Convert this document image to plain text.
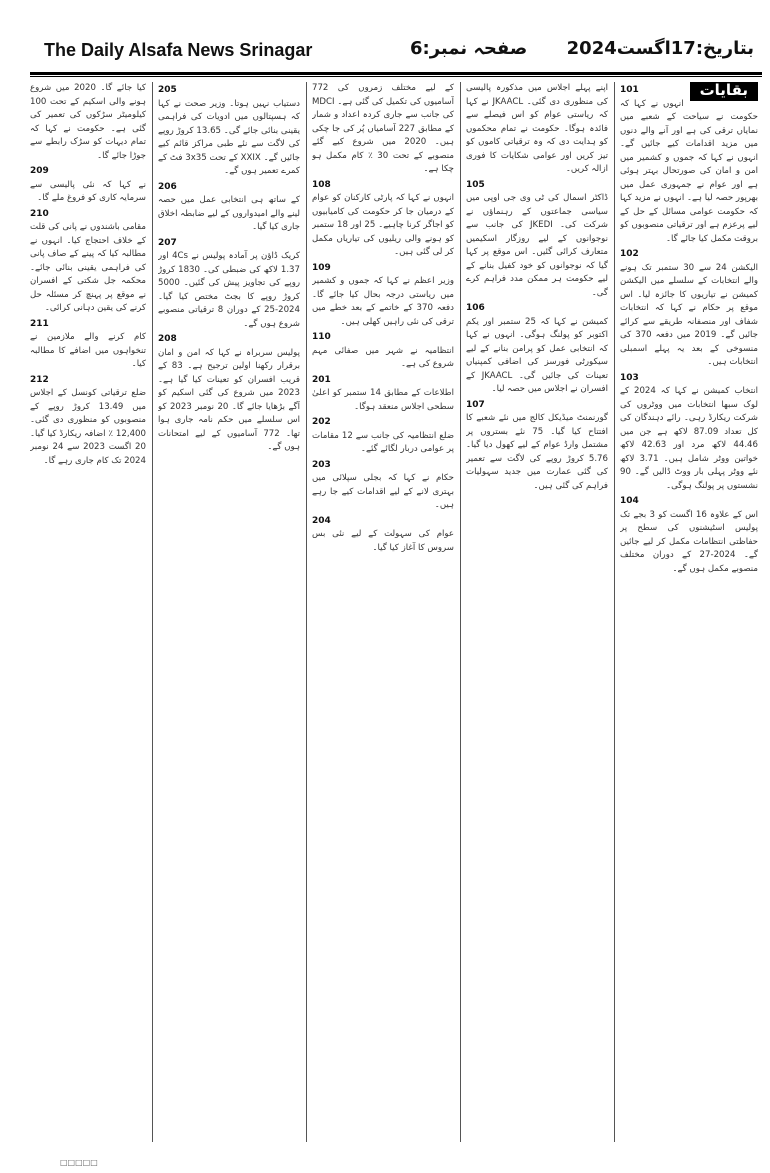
The Daily Alsafa News Srinagar	صفحہ نمبر:6 بتاریخ:17اگست2024
بقایات
101
انہوں نے کہا کہ حکومت نے سیاحت کے شعبے میں نمایاں ترقی کی ہے اور آنے والے دنوں میں مزید اقدامات کیے جائیں گے۔ انہوں نے کہا کہ جموں و کشمیر میں امن و امان کی صورتحال بہتر ہوئی ہے اور عوام نے جمہوری عمل میں بھرپور حصہ لیا ہے۔ انہوں نے مزید کہا کہ حکومت عوامی مسائل کے حل کے لیے پرعزم ہے اور ترقیاتی منصوبوں کو بروقت مکمل کیا جائے گا۔
102
الیکشن 24 سے 30 ستمبر تک ہونے والے انتخابات کے سلسلے میں الیکشن کمیشن نے تیاریوں کا جائزہ لیا۔ اس موقع پر حکام نے کہا کہ انتخابات شفاف اور منصفانہ طریقے سے کرائے جائیں گے۔ 2019 میں دفعہ 370 کی منسوخی کے بعد یہ پہلے اسمبلی انتخابات ہیں۔
103
انتخاب کمیشن نے کہا کہ 2024 کے لوک سبھا انتخابات میں ووٹروں کی شرکت ریکارڈ رہی۔ رائے دہندگان کی کل تعداد 87.09 لاکھ ہے جن میں 44.46 لاکھ مرد اور 42.63 لاکھ خواتین ووٹر شامل ہیں۔ 3.71 لاکھ نئے ووٹر پہلی بار ووٹ ڈالیں گے۔ 90 نشستوں پر پولنگ ہوگی۔
104
اس کے علاوہ 16 اگست کو 3 بجے تک پولیس اسٹیشنوں کی سطح پر حفاظتی انتظامات مکمل کر لیے جائیں گے۔ 2024-27 کے دوران مختلف منصوبے مکمل ہوں گے۔
اپنے پہلے اجلاس میں مذکورہ پالیسی کی منظوری دی گئی۔ JKAACL نے کہا کہ ریاستی عوام کو اس فیصلے سے فائدہ ہوگا۔ حکومت نے تمام محکموں کو ہدایت دی کہ وہ ترقیاتی کاموں کو تیز کریں اور عوامی شکایات کا فوری ازالہ کریں۔
105
ڈاکٹر اسمال کی ٹی وی جی اوپی میں سیاسی جماعتوں کے رہنماؤں نے شرکت کی۔ JKEDI کی جانب سے نوجوانوں کے لیے روزگار اسکیمیں متعارف کرائی گئیں۔ اس موقع پر کہا گیا کہ نوجوانوں کو خود کفیل بنانے کے لیے حکومت ہر ممکن مدد فراہم کرے گی۔
106
کمیشن نے کہا کہ 25 ستمبر اور یکم اکتوبر کو پولنگ ہوگی۔ انہوں نے کہا کہ انتخابی عمل کو پرامن بنانے کے لیے سیکورٹی فورسز کی اضافی کمپنیاں تعینات کی جائیں گی۔ JKAACL کے افسران نے اجلاس میں حصہ لیا۔
107
گورنمنٹ میڈیکل کالج میں نئے شعبے کا افتتاح کیا گیا۔ 75 نئے بستروں پر مشتمل وارڈ عوام کے لیے کھول دیا گیا۔ 5.76 کروڑ روپے کی لاگت سے تعمیر کی گئی عمارت میں جدید سہولیات فراہم کی گئی ہیں۔
کے لیے مختلف زمروں کی 772 آسامیوں کی تکمیل کی گئی ہے۔ MDCI کی جانب سے جاری کردہ اعداد و شمار کے مطابق 227 آسامیاں پُر کی جا چکی ہیں۔ 2020 میں شروع کیے گئے منصوبے کے تحت 30 ٪ کام مکمل ہو چکا ہے۔
108
انہوں نے کہا کہ پارٹی کارکنان کو عوام کے درمیان جا کر حکومت کی کامیابیوں کو اجاگر کرنا چاہیے۔ 25 اور 18 ستمبر کو ہونے والی ریلیوں کی تیاریاں مکمل کر لی گئی ہیں۔
109
وزیر اعظم نے کہا کہ جموں و کشمیر میں ریاستی درجہ بحال کیا جائے گا۔ دفعہ 370 کے خاتمے کے بعد خطے میں ترقی کی نئی راہیں کھلی ہیں۔
110
انتظامیہ نے شہر میں صفائی مہم شروع کی ہے۔
201
اطلاعات کے مطابق 14 ستمبر کو اعلیٰ سطحی اجلاس منعقد ہوگا۔
202
ضلع انتظامیہ کی جانب سے 12 مقامات پر عوامی دربار لگائے گئے۔
203
حکام نے کہا کہ بجلی سپلائی میں بہتری لانے کے لیے اقدامات کیے جا رہے ہیں۔
204
عوام کی سہولت کے لیے نئی بس سروس کا آغاز کیا گیا۔
205
دستیاب نہیں ہوتا۔ وزیر صحت نے کہا کہ ہسپتالوں میں ادویات کی فراہمی یقینی بنائی جائے گی۔ 13.65 کروڑ روپے کی لاگت سے نئے طبی مراکز قائم کیے جائیں گے۔ XXIX کے تحت 3x35 فٹ کے کمرے تعمیر ہوں گے۔
206
کے ساتھ ہی انتخابی عمل میں حصہ لینے والے امیدواروں کے لیے ضابطہ اخلاق جاری کیا گیا۔
207
کریک ڈاؤن پر آمادہ پولیس نے 4Cs اور 1.37 لاکھ کی ضبطی کی۔ 1830 کروڑ روپے کی تجاویز پیش کی گئیں۔ 5000 کروڑ روپے کا بجٹ مختص کیا گیا۔ 2024-25 کے دوران 8 ترقیاتی منصوبے شروع ہوں گے۔
208
پولیس سربراہ نے کہا کہ امن و امان برقرار رکھنا اولین ترجیح ہے۔ 83 کے قریب افسران کو تعینات کیا گیا ہے۔ 2023 میں شروع کی گئی اسکیم کو آگے بڑھایا جائے گا۔ 20 نومبر 2023 کو اس سلسلے میں حکم نامہ جاری ہوا تھا۔ 772 آسامیوں کے لیے امتحانات ہوں گے۔
کیا جائے گا۔ 2020 میں شروع ہونے والی اسکیم کے تحت 100 کیلومیٹر سڑکوں کی تعمیر کی گئی ہے۔ حکومت نے کہا کہ تمام دیہات کو سڑک رابطے سے جوڑا جائے گا۔
209
نے کہا کہ نئی پالیسی سے سرمایہ کاری کو فروغ ملے گا۔
210
مقامی باشندوں نے پانی کی قلت کے خلاف احتجاج کیا۔ انہوں نے مطالبہ کیا کہ پینے کے صاف پانی کی فراہمی یقینی بنائی جائے۔ محکمہ جل شکتی کے افسران نے موقع پر پہنچ کر مسئلہ حل کرنے کی یقین دہانی کرائی۔
211
کام کرنے والے ملازمین نے تنخواہوں میں اضافے کا مطالبہ کیا۔
212
ضلع ترقیاتی کونسل کے اجلاس میں 13.49 کروڑ روپے کے منصوبوں کو منظوری دی گئی۔ 12,400 ٪ اضافہ ریکارڈ کیا گیا۔ 20 اگست 2023 سے 24 نومبر 2024 تک کام جاری رہے گا۔
□□□□□
